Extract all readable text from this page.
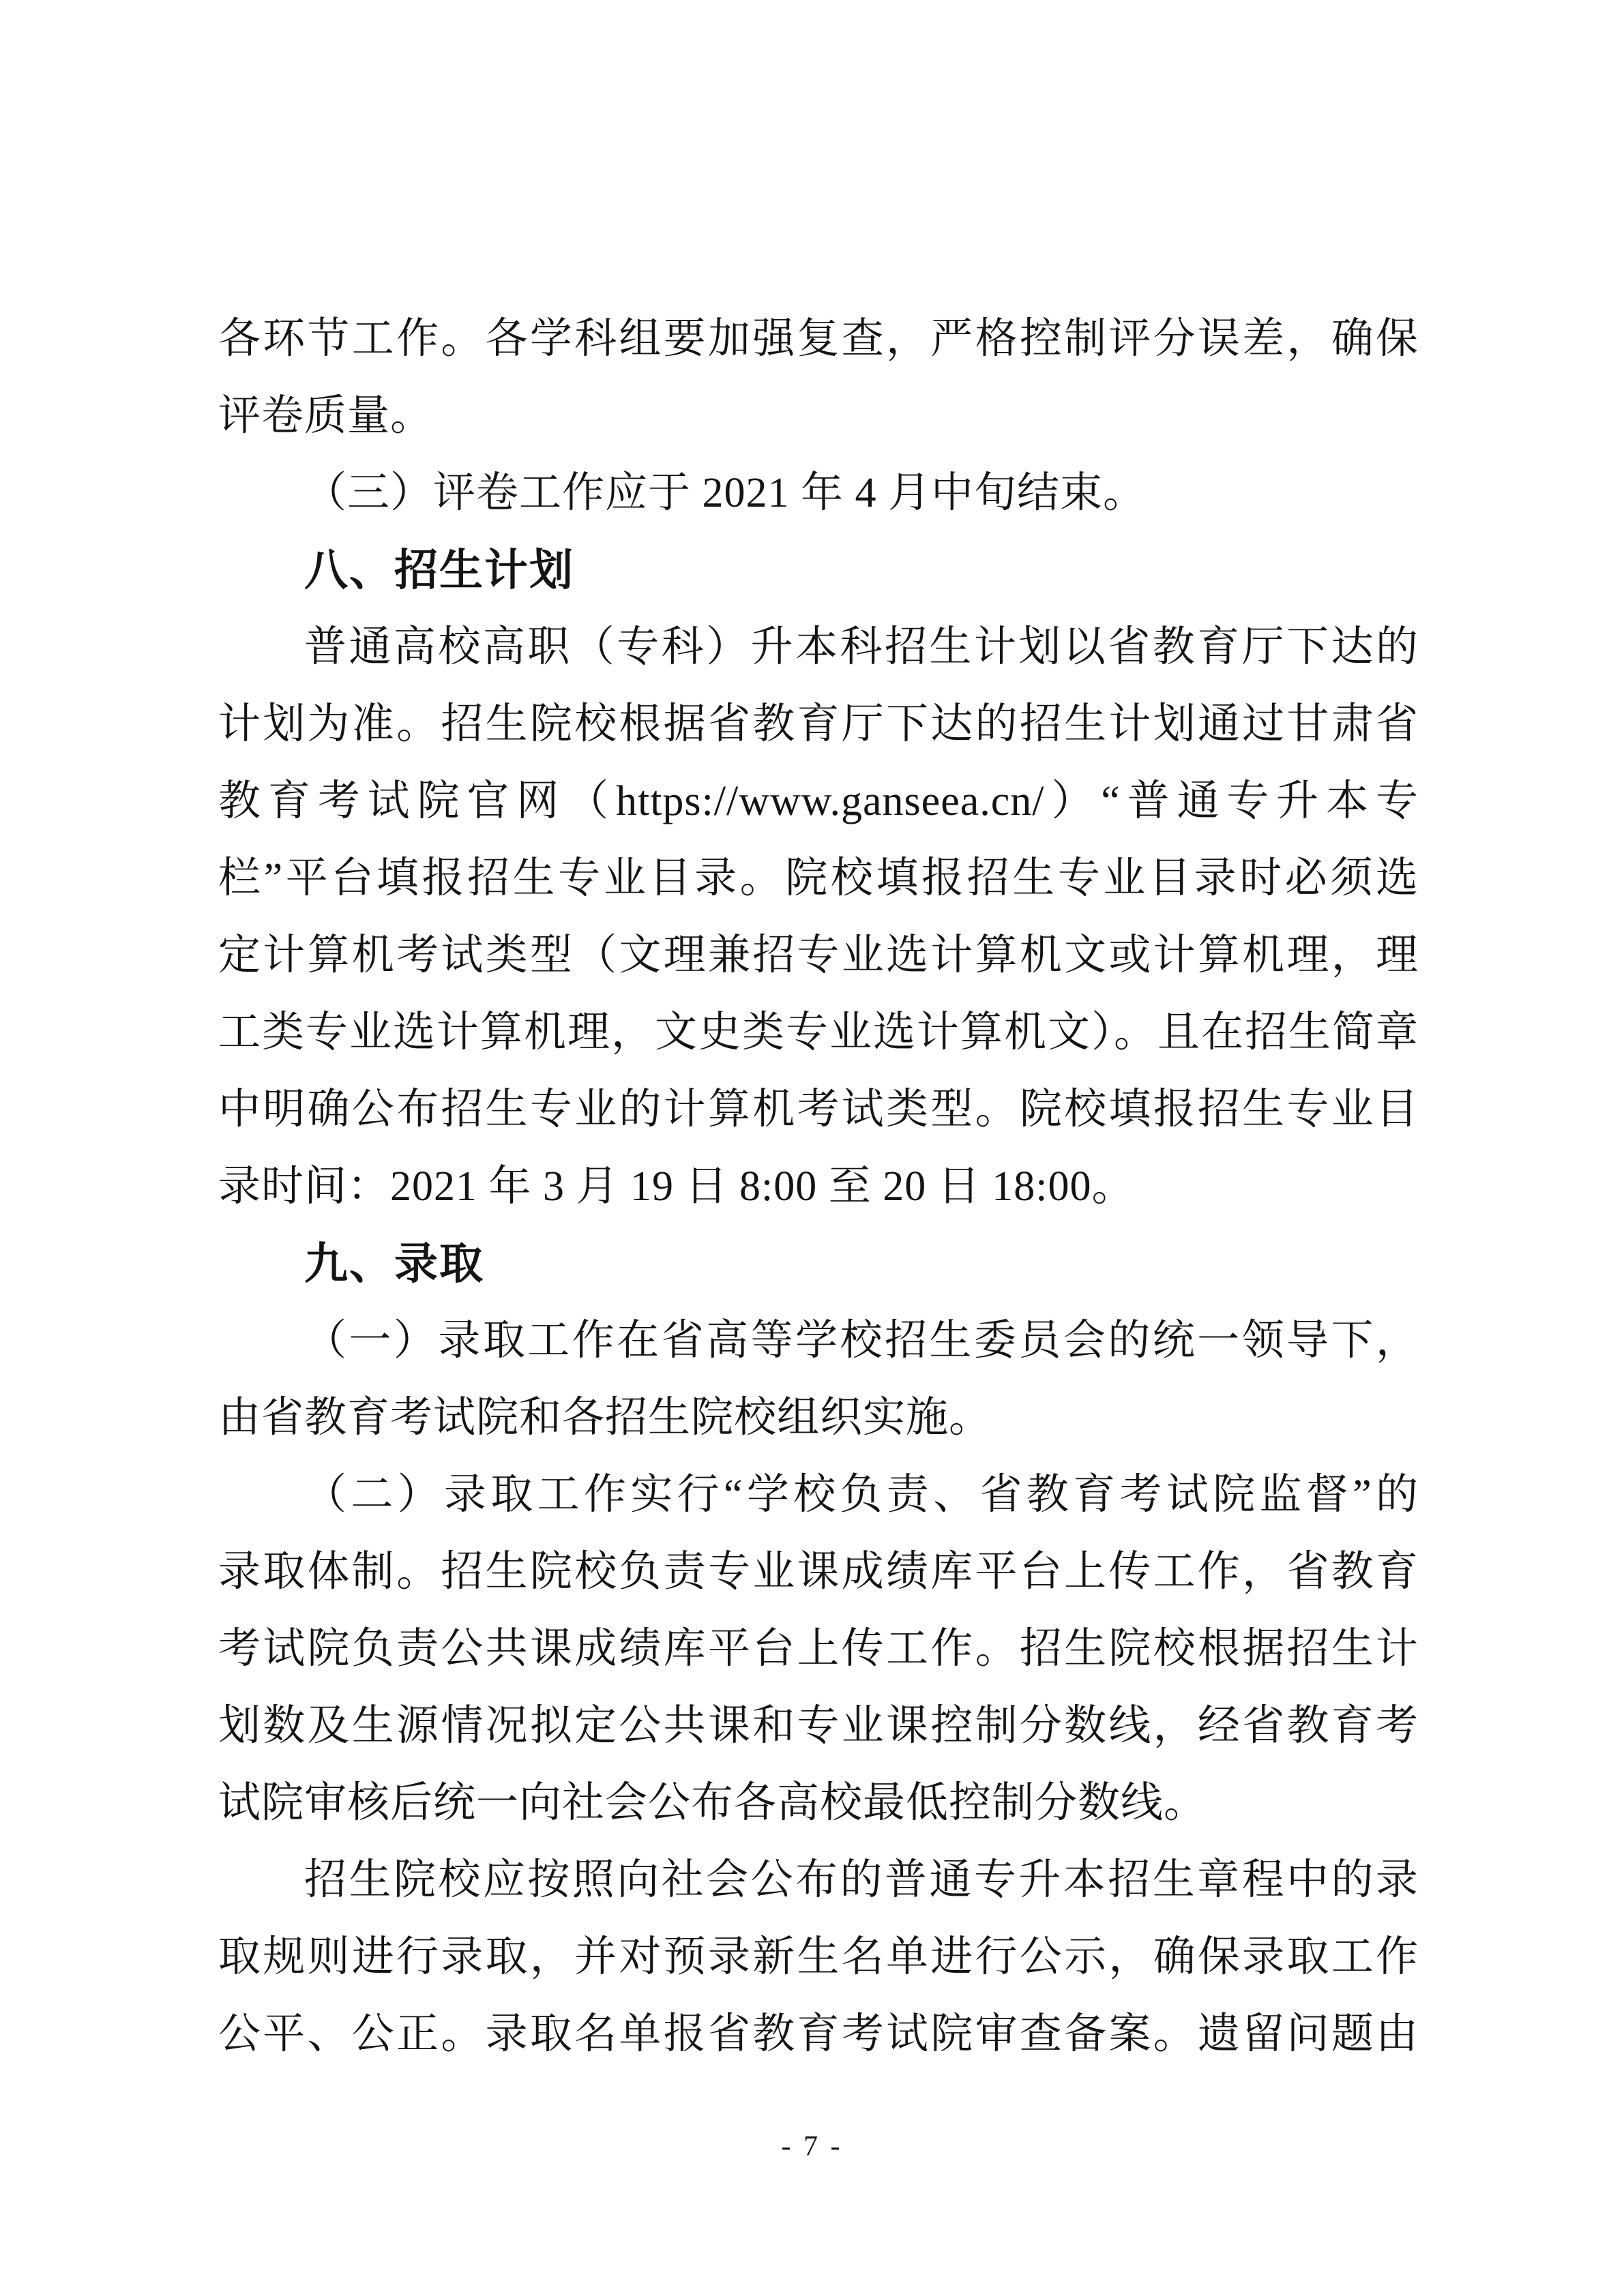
各环节工作。各学科组要加强复查，严格控制评分误差，确保
评卷质量。
（三）评卷工作应于 2021 年 4 月中旬结束。
八、招生计划
普通高校高职（专科）升本科招生计划以省教育厅下达的
计划为准。招生院校根据省教育厅下达的招生计划通过甘肃省
教育考试院官网（https://www.ganseea.cn/）“普通专升本专
栏”平台填报招生专业目录。院校填报招生专业目录时必须选
定计算机考试类型（文理兼招专业选计算机文或计算机理，理
工类专业选计算机理，文史类专业选计算机文）。且在招生简章
中明确公布招生专业的计算机考试类型。院校填报招生专业目
录时间：2021 年 3 月 19 日 8:00 至 20 日 18:00。
九、录取
（一）录取工作在省高等学校招生委员会的统一领导下，
由省教育考试院和各招生院校组织实施。
（二）录取工作实行“学校负责、省教育考试院监督”的
录取体制。招生院校负责专业课成绩库平台上传工作，省教育
考试院负责公共课成绩库平台上传工作。招生院校根据招生计
划数及生源情况拟定公共课和专业课控制分数线，经省教育考
试院审核后统一向社会公布各高校最低控制分数线。
招生院校应按照向社会公布的普通专升本招生章程中的录
取规则进行录取，并对预录新生名单进行公示，确保录取工作
公平、公正。录取名单报省教育考试院审查备案。遗留问题由
- 7 -
